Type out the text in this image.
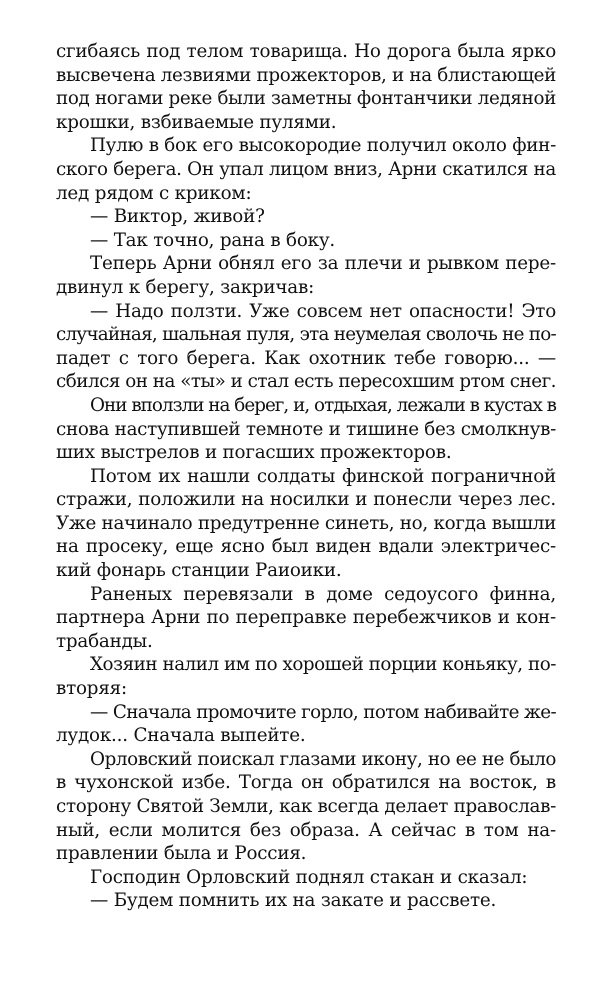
сгибаясь под телом товарища. Но дорога была ярко
высвечена лезвиями прожекторов, и на блистающей
под ногами реке были заметны фонтанчики ледяной
крошки, взбиваемые пулями.
Пулю в бок его высокородие получил около фин-
ского берега. Он упал лицом вниз, Арни скатился на
лед рядом с криком:
— Виктор, живой?
— Так точно, рана в боку.
Теперь Арни обнял его за плечи и рывком пере-
двинул к берегу, закричав:
— Надо ползти. Уже совсем нет опасности! Это
случайная, шальная пуля, эта неумелая сволочь не по-
падет с того берега. Как охотник тебе говорю... —
сбился он на «ты» и стал есть пересохшим ртом снег.
Они вползли на берег, и, отдыхая, лежали в кустах в
снова наступившей темноте и тишине без смолкнув-
ших выстрелов и погасших прожекторов.
Потом их нашли солдаты финской пограничной
стражи, положили на носилки и понесли через лес.
Уже начинало предутренне синеть, но, когда вышли
на просеку, еще ясно был виден вдали электричес-
кий фонарь станции Раиоики.
Раненых перевязали в доме седоусого финна,
партнера Арни по переправке перебежчиков и кон-
трабанды.
Хозяин налил им по хорошей порции коньяку, по-
вторяя:
— Сначала промочите горло, потом набивайте же-
лудок... Сначала выпейте.
Орловский поискал глазами икону, но ее не было
в чухонской избе. Тогда он обратился на восток, в
сторону Святой Земли, как всегда делает православ-
ный, если молится без образа. А сейчас в том на-
правлении была и Россия.
Господин Орловский поднял стакан и сказал:
— Будем помнить их на закате и рассвете.
